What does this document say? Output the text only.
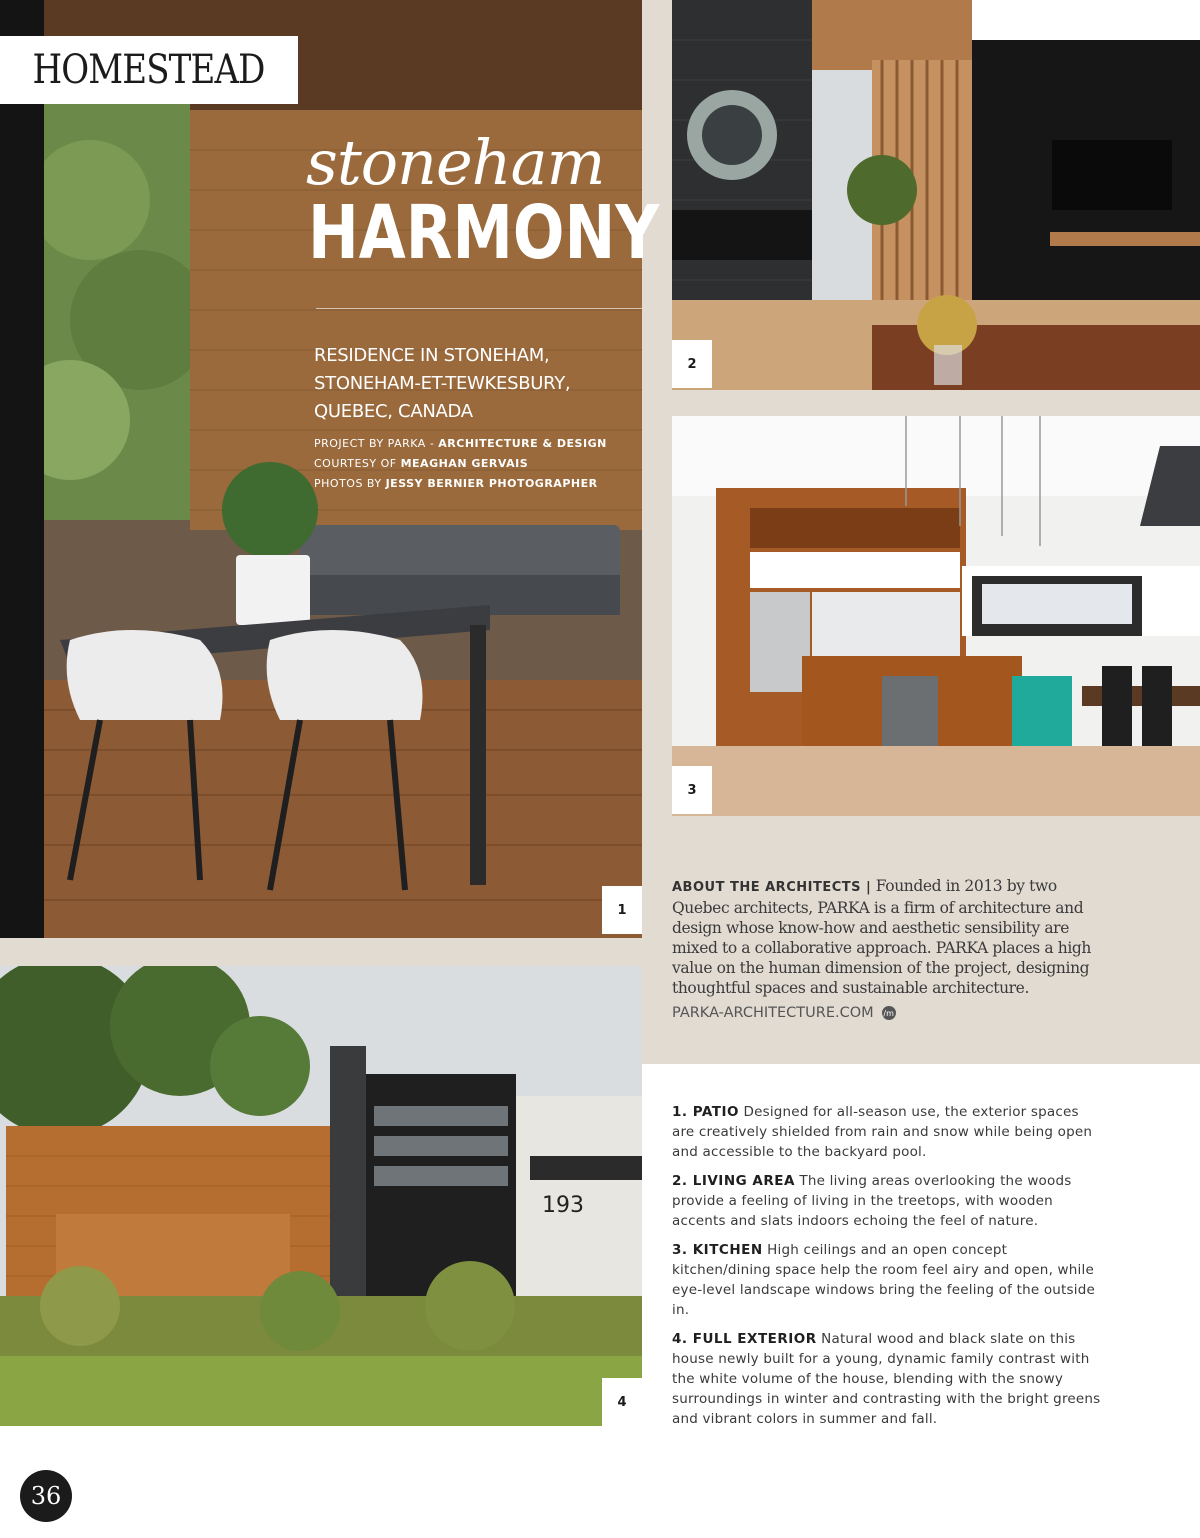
HOMESTEAD
stoneham
HARMONY
RESIDENCE IN STONEHAM,
STONEHAM-ET-TEWKESBURY,
QUEBEC, CANADA
PROJECT BY PARKA - ARCHITECTURE & DESIGN
COURTESY OF MEAGHAN GERVAIS
PHOTOS BY JESSY BERNIER PHOTOGRAPHER
1
2
3
ABOUT THE ARCHITECTS | Founded in 2013 by two Quebec architects, PARKA is a firm of architecture and design whose know-how and aesthetic sensibility are mixed to a collaborative approach. PARKA places a high value on the human dimension of the project, designing thoughtful spaces and sustainable architecture.
PARKA-ARCHITECTURE.COM /m
193
4

1. PATIO Designed for all-season use, the exterior spaces are creatively shielded from rain and snow while being open and accessible to the backyard pool.

2. LIVING AREA The living areas overlooking the woods provide a feeling of living in the treetops, with wooden accents and slats indoors echoing the feel of nature.

3. KITCHEN High ceilings and an open concept kitchen/dining space help the room feel airy and open, while eye-level landscape windows bring the feeling of the outside in.

4. FULL EXTERIOR Natural wood and black slate on this house newly built for a young, dynamic family contrast with the white volume of the house, blending with the snowy surroundings in winter and contrasting with the bright greens and vibrant colors in summer and fall.

36
